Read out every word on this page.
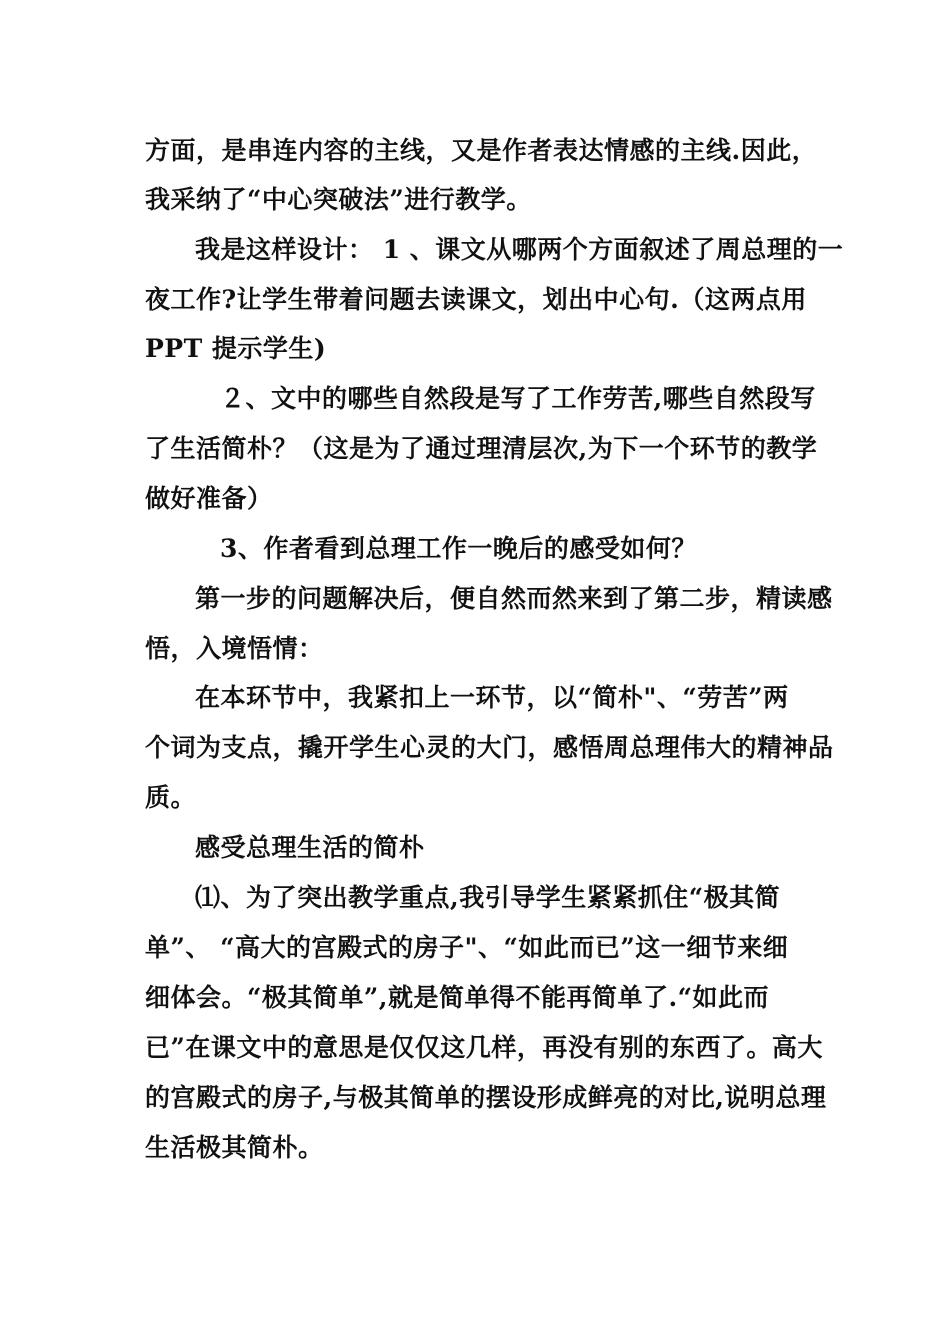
方面，是串连内容的主线，又是作者表达情感的主线.因此，
我采纳了“中心突破法”进行教学。
我是这样设计： 1 、课文从哪两个方面叙述了周总理的一
夜工作?让学生带着问题去读课文，划出中心句.（这两点用
PPT 提示学生)
２、文中的哪些自然段是写了工作劳苦,哪些自然段写
了生活简朴？（这是为了通过理清层次,为下一个环节的教学
做好准备）
3、作者看到总理工作一晚后的感受如何？
第一步的问题解决后，便自然而然来到了第二步，精读感
悟，入境悟情：
在本环节中，我紧扣上一环节，以“简朴"、“劳苦”两
个词为支点，撬开学生心灵的大门，感悟周总理伟大的精神品
质。
感受总理生活的简朴
⑴、为了突出教学重点,我引导学生紧紧抓住“极其简
单”、 “高大的宫殿式的房子"、“如此而已”这一细节来细
细体会。“极其简单”,就是简单得不能再简单了.“如此而
已”在课文中的意思是仅仅这几样，再没有别的东西了。高大
的宫殿式的房子,与极其简单的摆设形成鲜亮的对比,说明总理
生活极其简朴。
